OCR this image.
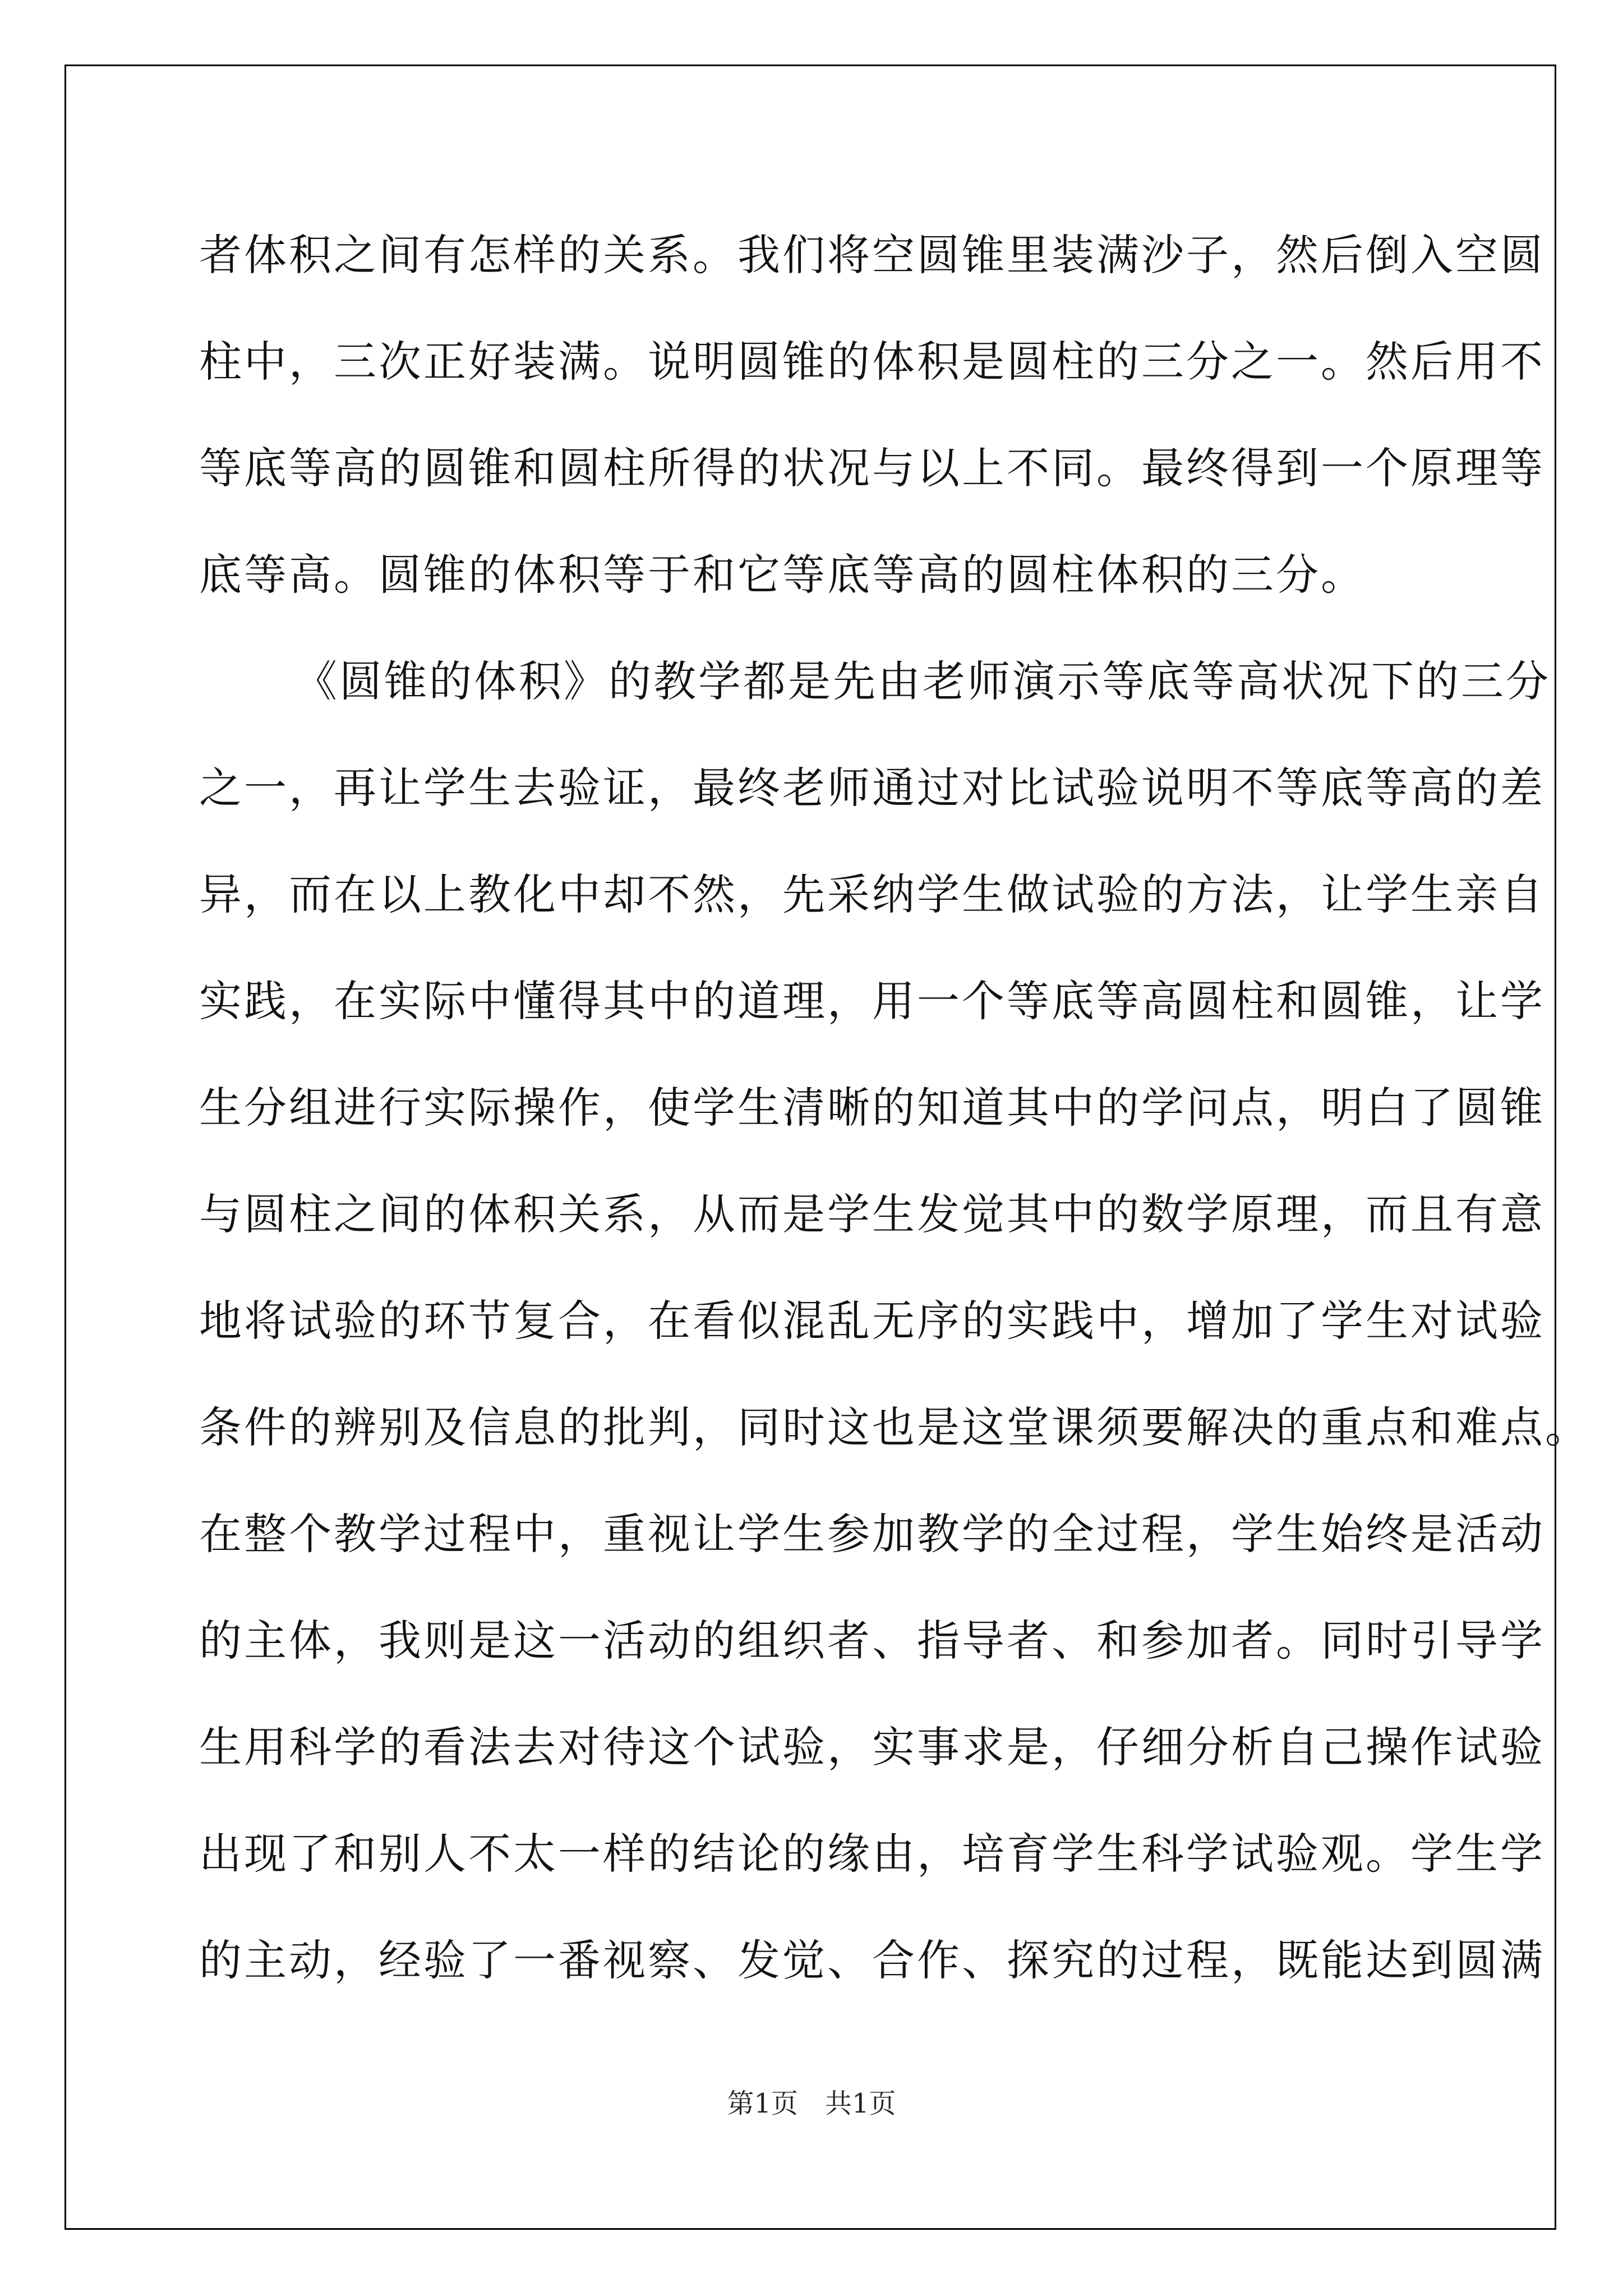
者体积之间有怎样的关系。我们将空圆锥里装满沙子，然后倒入空圆
柱中，三次正好装满。说明圆锥的体积是圆柱的三分之一。然后用不
等底等高的圆锥和圆柱所得的状况与以上不同。最终得到一个原理等
底等高。圆锥的体积等于和它等底等高的圆柱体积的三分。
《圆锥的体积》的教学都是先由老师演示等底等高状况下的三分
之一，再让学生去验证，最终老师通过对比试验说明不等底等高的差
异，而在以上教化中却不然，先采纳学生做试验的方法，让学生亲自
实践，在实际中懂得其中的道理，用一个等底等高圆柱和圆锥，让学
生分组进行实际操作，使学生清晰的知道其中的学问点，明白了圆锥
与圆柱之间的体积关系，从而是学生发觉其中的数学原理，而且有意
地将试验的环节复合，在看似混乱无序的实践中，增加了学生对试验
条件的辨别及信息的批判，同时这也是这堂课须要解决的重点和难点。
在整个教学过程中，重视让学生参加教学的全过程，学生始终是活动
的主体，我则是这一活动的组织者、指导者、和参加者。同时引导学
生用科学的看法去对待这个试验，实事求是，仔细分析自己操作试验
出现了和别人不太一样的结论的缘由，培育学生科学试验观。学生学
的主动，经验了一番视察、发觉、合作、探究的过程，既能达到圆满
第1页　共1页
